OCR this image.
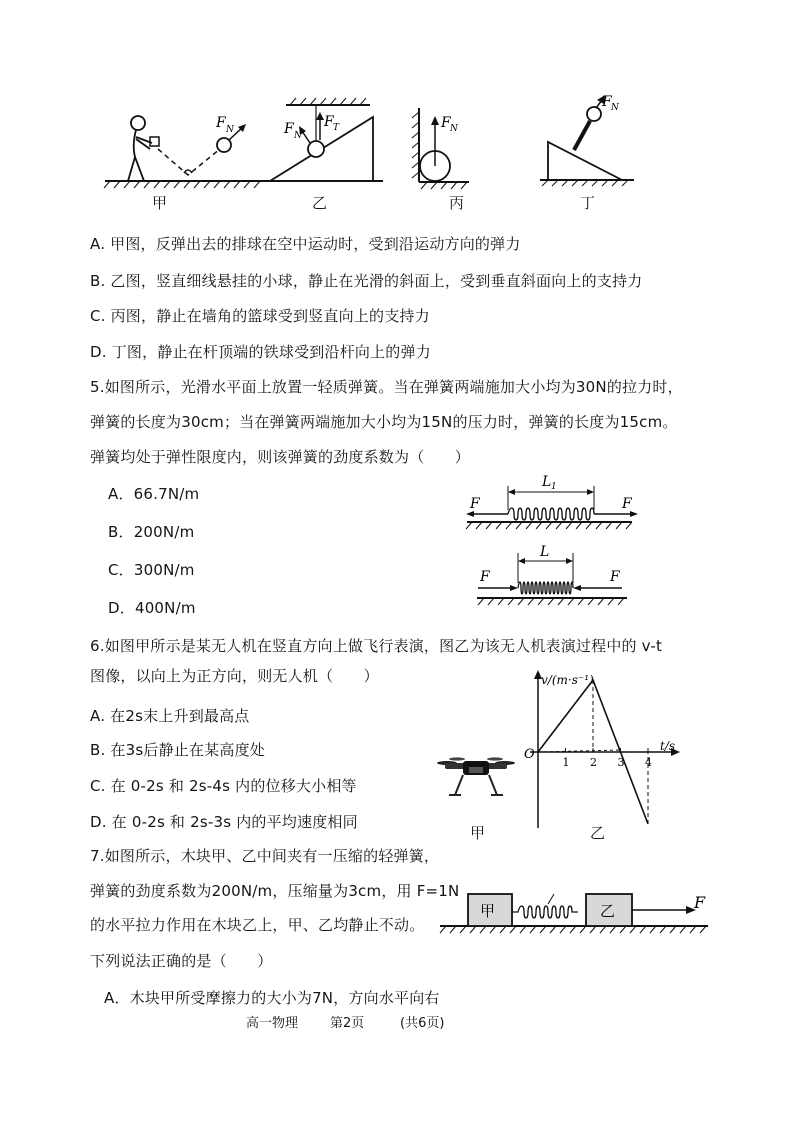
F N
甲
F T
F N
乙
F N
丙
F N
丁
A. 甲图，反弹出去的排球在空中运动时，受到沿运动方向的弹力
B. 乙图，竖直细线悬挂的小球，静止在光滑的斜面上，受到垂直斜面向上的支持力
C. 丙图，静止在墙角的篮球受到竖直向上的支持力
D. 丁图，静止在杆顶端的铁球受到沿杆向上的弹力
5.如图所示，光滑水平面上放置一轻质弹簧。当在弹簧两端施加大小均为30N的拉力时，
弹簧的长度为30cm；当在弹簧两端施加大小均为15N的压力时，弹簧的长度为15cm。
弹簧均处于弹性限度内，则该弹簧的劲度系数为（　　）
A．66.7N/m
B．200N/m
C．300N/m
D．400N/m
F	F
L 1
F	F
L
6.如图甲所示是某无人机在竖直方向上做飞行表演，图乙为该无人机表演过程中的 v-t
图像，以向上为正方向，则无人机（　　）
A. 在2s末上升到最高点
B. 在3s后静止在某高度处
C. 在 0-2s 和 2s-4s 内的位移大小相等
D. 在 0-2s 和 2s-3s 内的平均速度相同
甲
v/(m·s⁻¹)
t/s
O
1 2 3 4
乙
7.如图所示，木块甲、乙中间夹有一压缩的轻弹簧，
弹簧的劲度系数为200N/m，压缩量为3cm，用 F=1N
的水平拉力作用在木块乙上，甲、乙均静止不动。
下列说法正确的是（　　）
A．木块甲所受摩擦力的大小为7N，方向水平向右
甲	乙	F
高一物理 第2页	(共6页)
